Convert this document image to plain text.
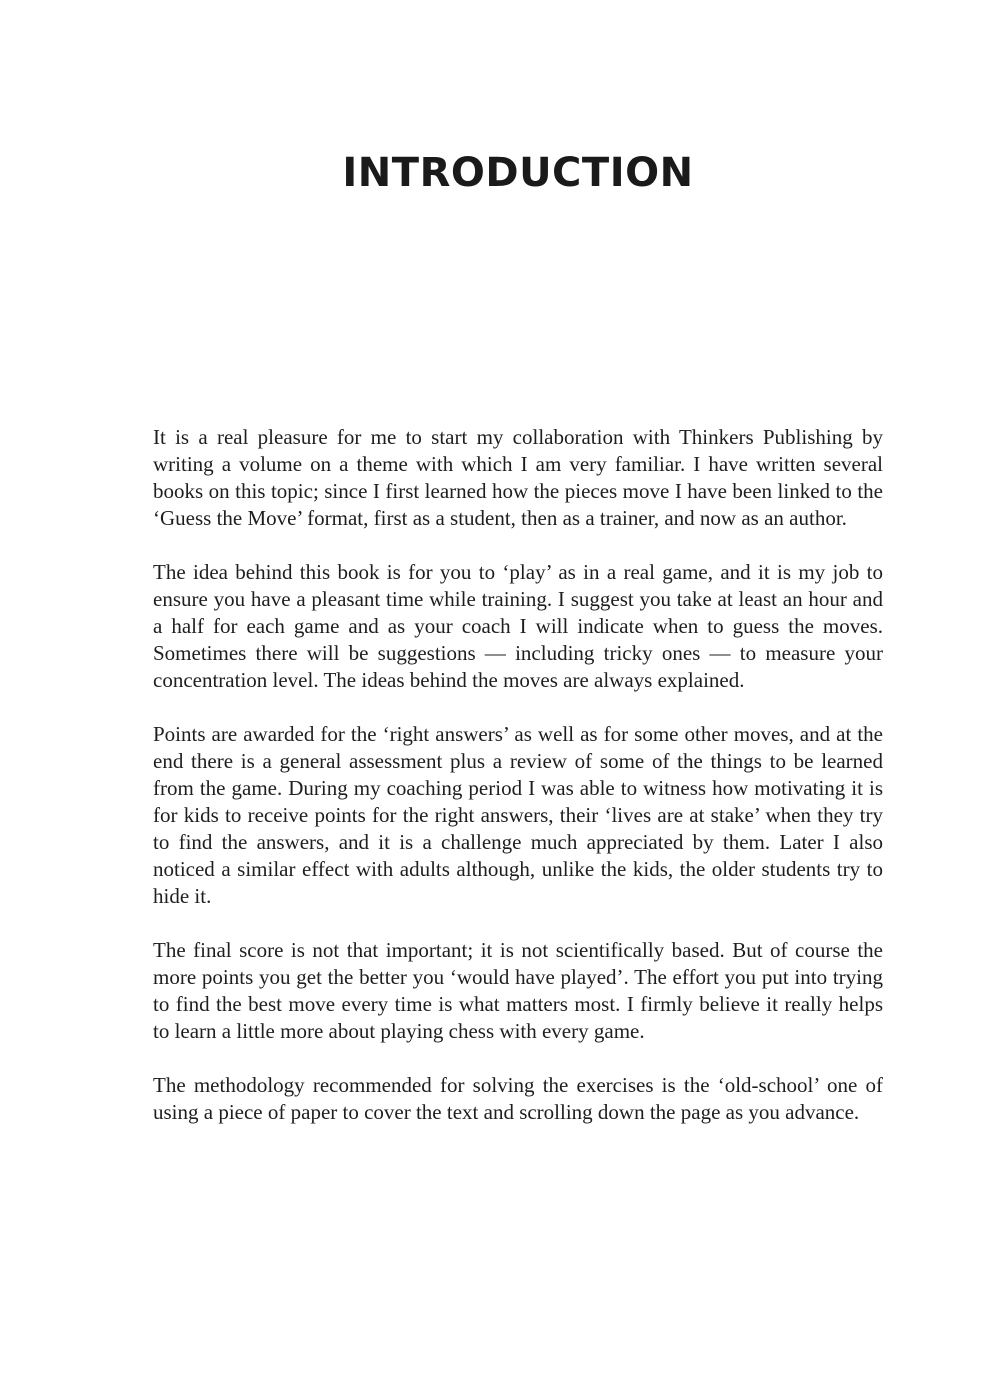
INTRODUCTION

It is a real pleasure for me to start my collaboration with Thinkers Publishing by writing a volume on a theme with which I am very familiar. I have written several books on this topic; since I first learned how the pieces move I have been linked to the ‘Guess the Move’ format, first as a student, then as a trainer, and now as an author.

The idea behind this book is for you to ‘play’ as in a real game, and it is my job to ensure you have a pleasant time while training. I suggest you take at least an hour and a half for each game and as your coach I will indicate when to guess the moves. Sometimes there will be suggestions — including tricky ones — to measure your concentration level. The ideas behind the moves are always explained.

Points are awarded for the ‘right answers’ as well as for some other moves, and at the end there is a general assessment plus a review of some of the things to be learned from the game. During my coaching period I was able to witness how motivating it is for kids to receive points for the right answers, their ‘lives are at stake’ when they try to find the answers, and it is a challenge much appreciated by them. Later I also noticed a similar effect with adults although, unlike the kids, the older students try to hide it.

The final score is not that important; it is not scientifically based. But of course the more points you get the better you ‘would have played’. The effort you put into trying to find the best move every time is what matters most. I firmly believe it really helps to learn a little more about playing chess with every game.

The methodology recommended for solving the exercises is the ‘old-school’ one of using a piece of paper to cover the text and scrolling down the page as you advance.
